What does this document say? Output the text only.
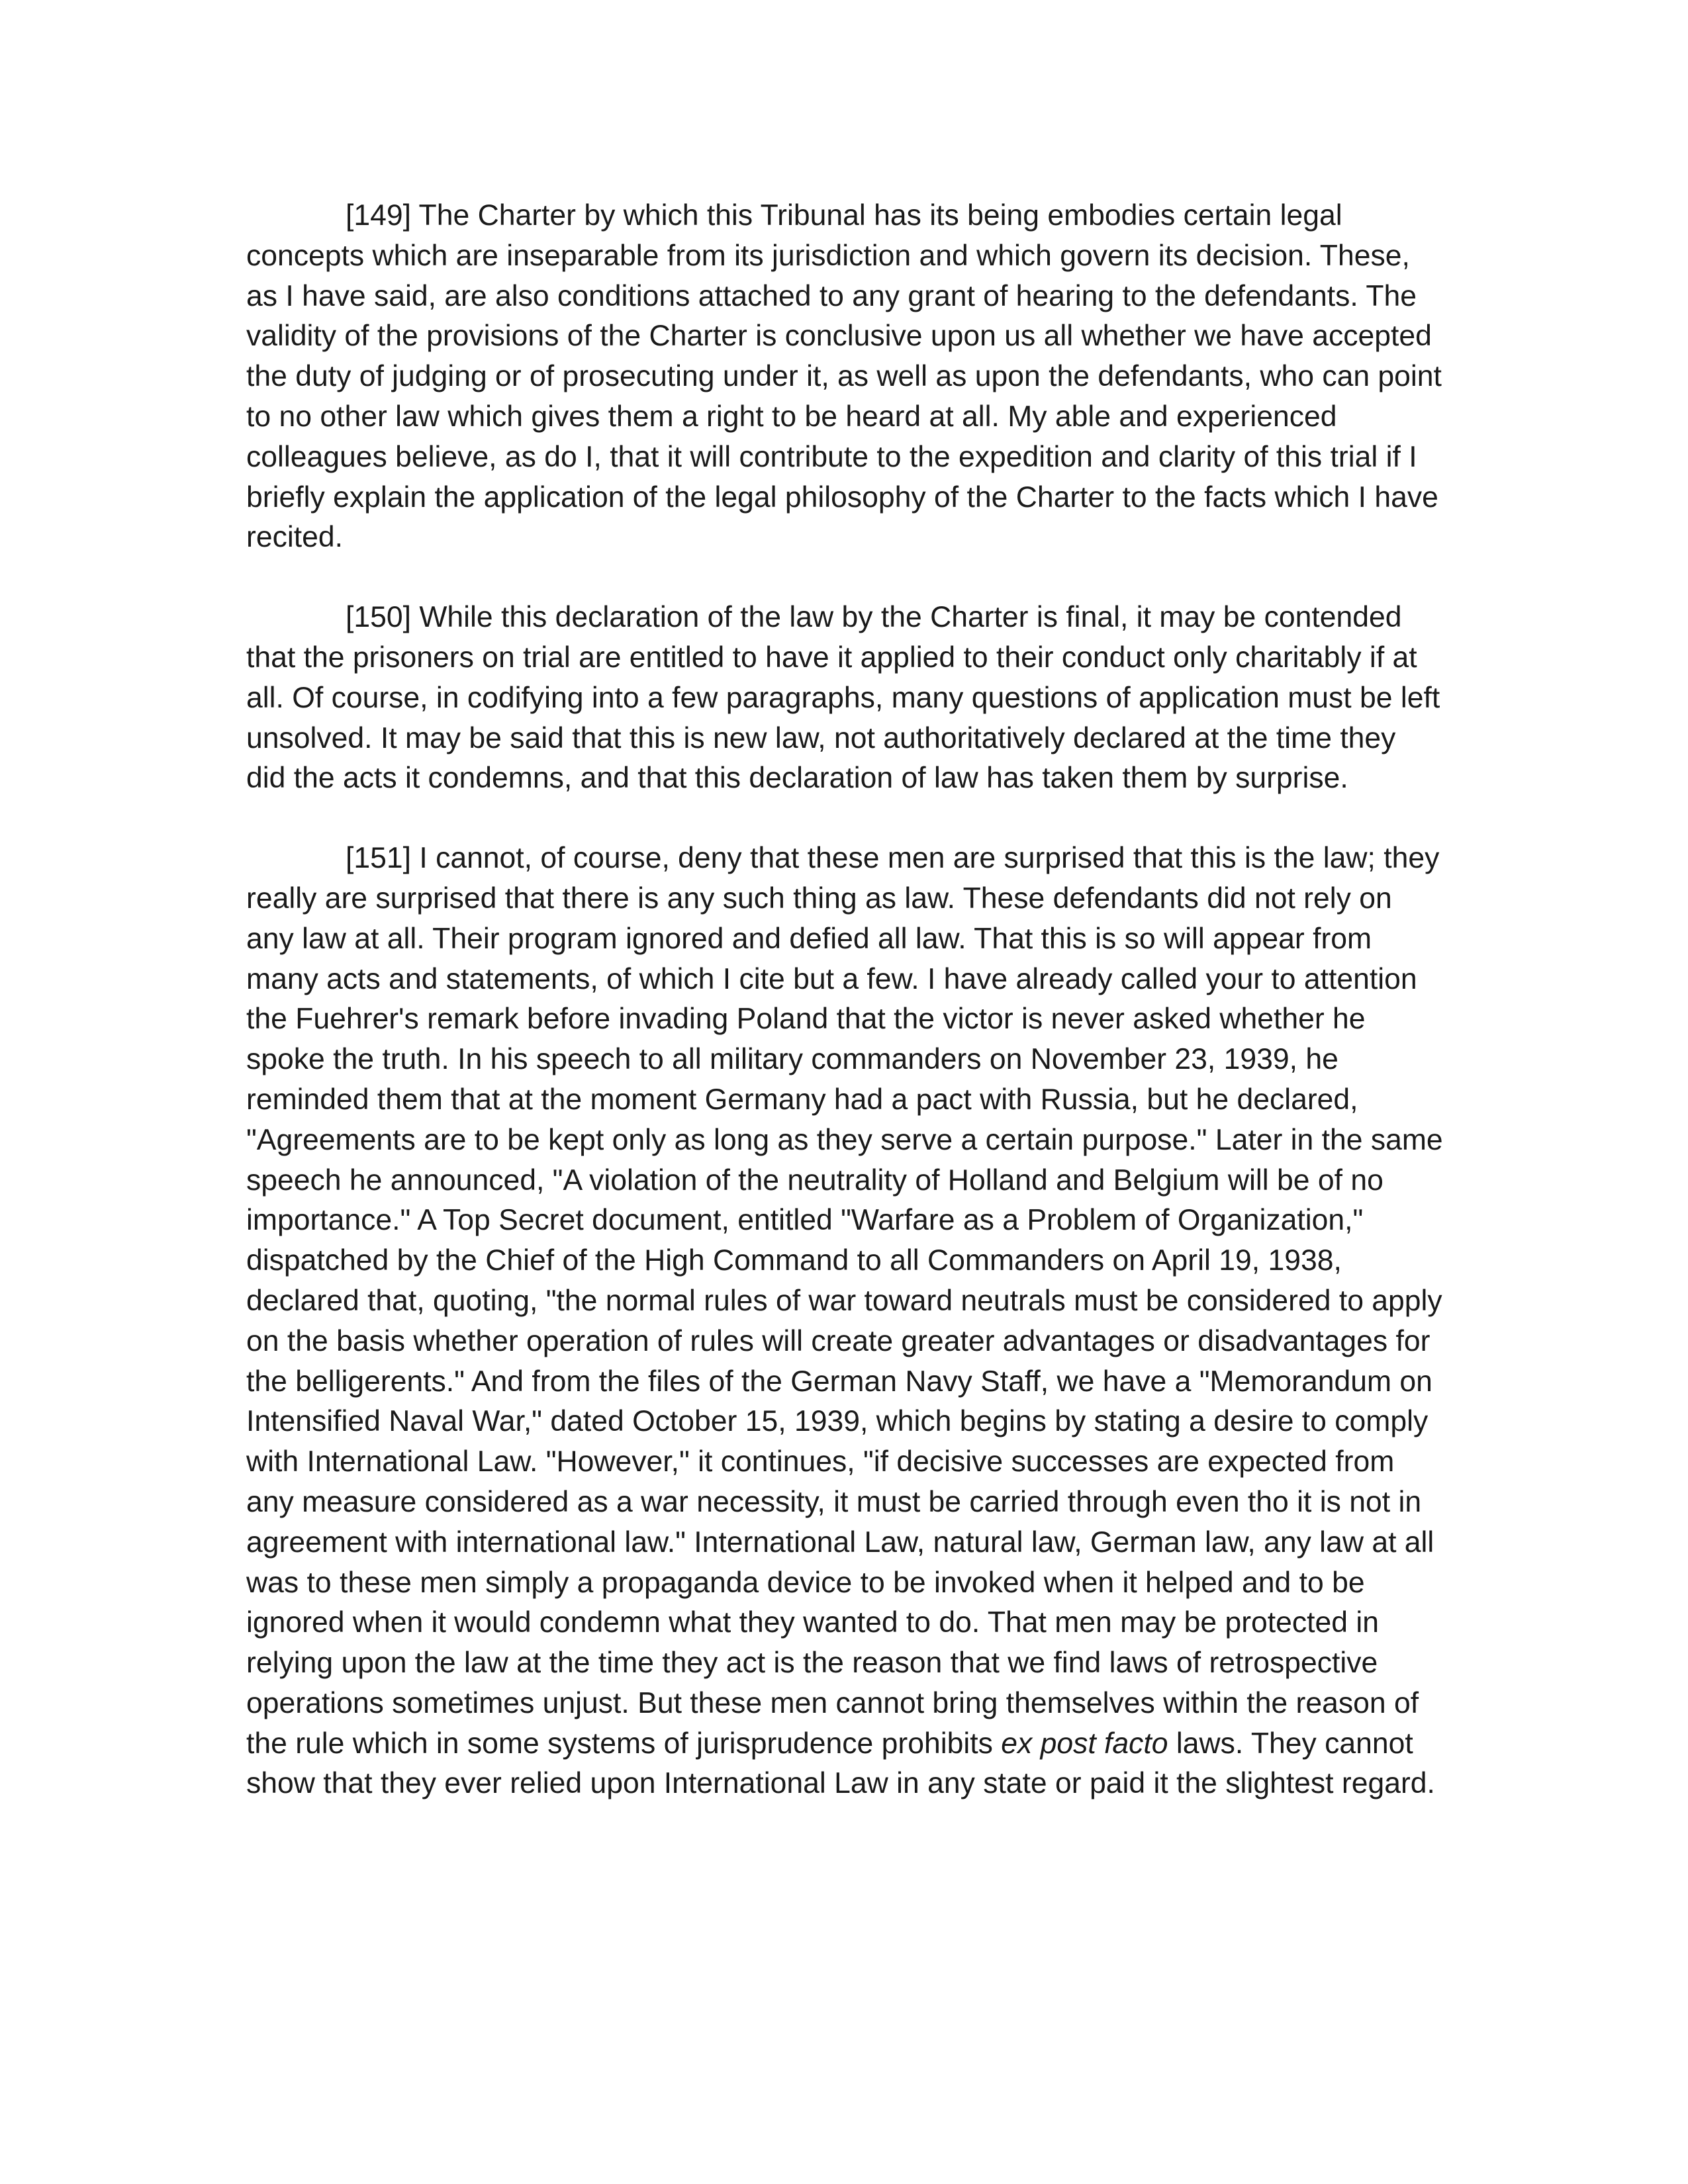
[149] The Charter by which this Tribunal has its being embodies certain legal concepts which are inseparable from its jurisdiction and which govern its decision. These, as I have said, are also conditions attached to any grant of hearing to the defendants. The validity of the provisions of the Charter is conclusive upon us all whether we have accepted the duty of judging or of prosecuting under it, as well as upon the defendants, who can point to no other law which gives them a right to be heard at all. My able and experienced colleagues believe, as do I, that it will contribute to the expedition and clarity of this trial if I briefly explain the application of the legal philosophy of the Charter to the facts which I have recited.

[150] While this declaration of the law by the Charter is final, it may be contended that the prisoners on trial are entitled to have it applied to their conduct only charitably if at all. Of course, in codifying into a few paragraphs, many questions of application must be left unsolved. It may be said that this is new law, not authoritatively declared at the time they did the acts it condemns, and that this declaration of law has taken them by surprise.

[151] I cannot, of course, deny that these men are surprised that this is the law; they really are surprised that there is any such thing as law. These defendants did not rely on any law at all. Their program ignored and defied all law. That this is so will appear from many acts and statements, of which I cite but a few. I have already called your to attention the Fuehrer's remark before invading Poland that the victor is never asked whether he spoke the truth. In his speech to all military commanders on November 23, 1939, he reminded them that at the moment Germany had a pact with Russia, but he declared, "Agreements are to be kept only as long as they serve a certain purpose." Later in the same speech he announced, "A violation of the neutrality of Holland and Belgium will be of no importance." A Top Secret document, entitled "Warfare as a Problem of Organization," dispatched by the Chief of the High Command to all Commanders on April 19, 1938, declared that, quoting, "the normal rules of war toward neutrals must be considered to apply on the basis whether operation of rules will create greater advantages or disadvantages for the belligerents." And from the files of the German Navy Staff, we have a "Memorandum on Intensified Naval War," dated October 15, 1939, which begins by stating a desire to comply with International Law. "However," it continues, "if decisive successes are expected from any measure considered as a war necessity, it must be carried through even tho it is not in agreement with international law." International Law, natural law, German law, any law at all was to these men simply a propaganda device to be invoked when it helped and to be ignored when it would condemn what they wanted to do. That men may be protected in relying upon the law at the time they act is the reason that we find laws of retrospective operations sometimes unjust. But these men cannot bring themselves within the reason of the rule which in some systems of jurisprudence prohibits ex post facto laws. They cannot show that they ever relied upon International Law in any state or paid it the slightest regard.
